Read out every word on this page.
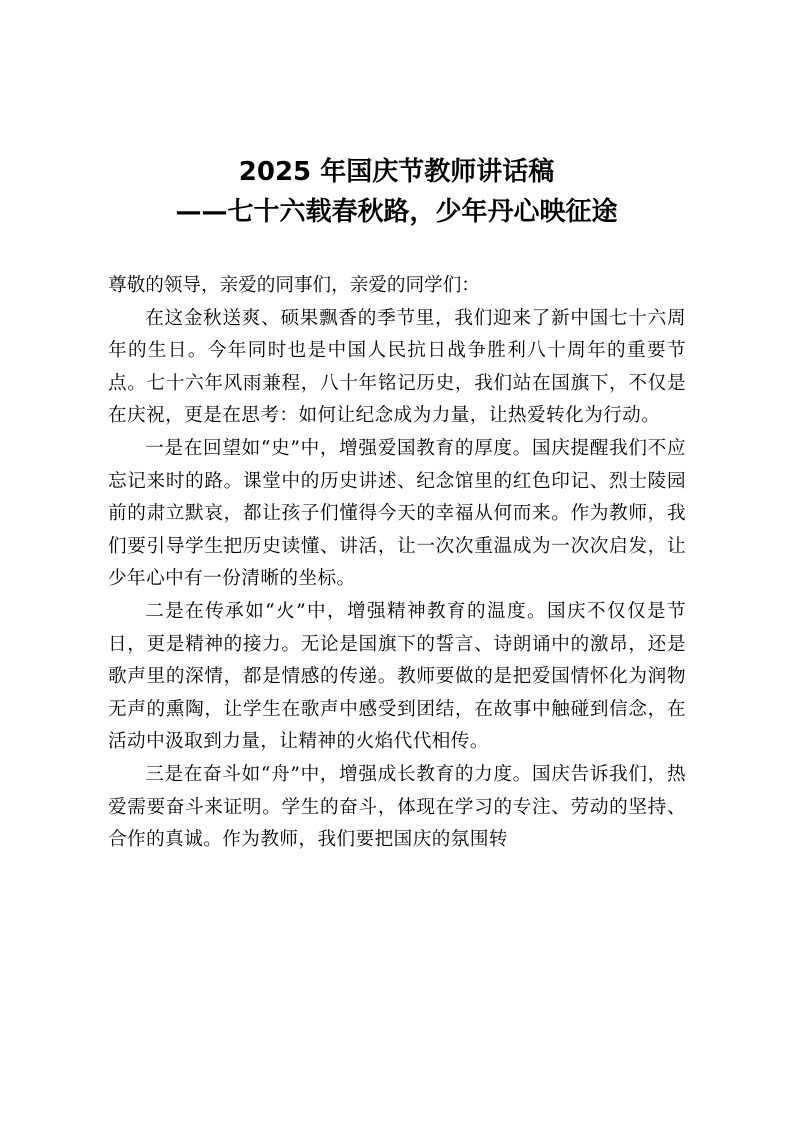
2025 年国庆节教师讲话稿
——七十六载春秋路，少年丹心映征途

尊敬的领导，亲爱的同事们，亲爱的同学们：

在这金秋送爽、硕果飘香的季节里，我们迎来了新中国七十六周年的生日。今年同时也是中国人民抗日战争胜利八十周年的重要节点。七十六年风雨兼程，八十年铭记历史，我们站在国旗下，不仅是在庆祝，更是在思考：如何让纪念成为力量，让热爱转化为行动。

一是在回望如“史”中，增强爱国教育的厚度。国庆提醒我们不应忘记来时的路。课堂中的历史讲述、纪念馆里的红色印记、烈士陵园前的肃立默哀，都让孩子们懂得今天的幸福从何而来。作为教师，我们要引导学生把历史读懂、讲活，让一次次重温成为一次次启发，让少年心中有一份清晰的坐标。

二是在传承如“火”中，增强精神教育的温度。国庆不仅仅是节日，更是精神的接力。无论是国旗下的誓言、诗朗诵中的激昂，还是歌声里的深情，都是情感的传递。教师要做的是把爱国情怀化为润物无声的熏陶，让学生在歌声中感受到团结，在故事中触碰到信念，在活动中汲取到力量，让精神的火焰代代相传。

三是在奋斗如“舟”中，增强成长教育的力度。国庆告诉我们，热爱需要奋斗来证明。学生的奋斗，体现在学习的专注、劳动的坚持、合作的真诚。作为教师，我们要把国庆的氛围转
